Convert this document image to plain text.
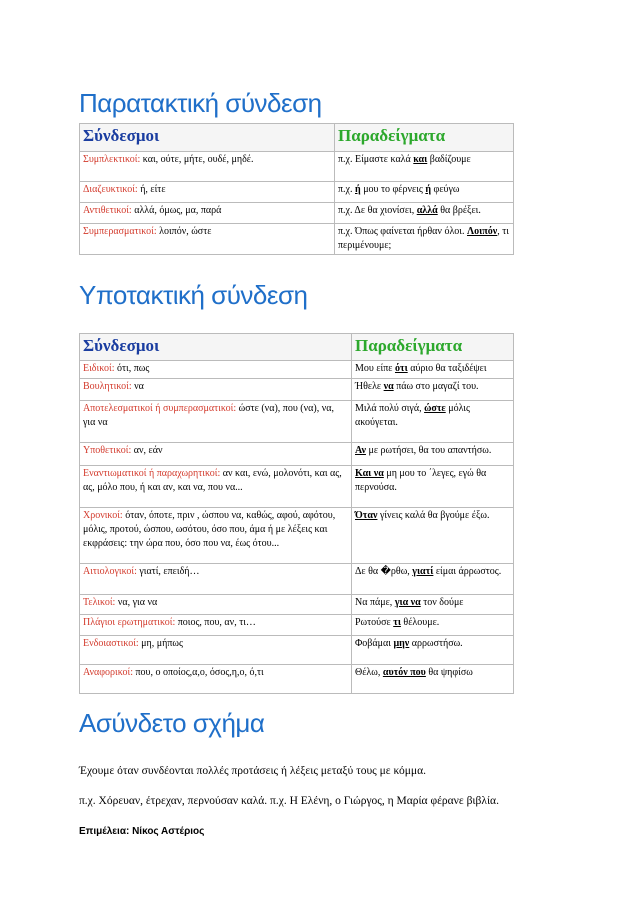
Παρατακτική σύνδεση
Σύνδεσμοι	Παραδείγματα
Συμπλεκτικοί: και, ούτε, μήτε, ουδέ, μηδέ.	π.χ. Είμαστε καλά και βαδίζουμε
Διαζευκτικοί: ή, είτε	π.χ. ή μου το φέρνεις ή φεύγω
Αντιθετικοί: αλλά, όμως, μα, παρά	π.χ. Δε θα χιονίσει, αλλά θα βρέξει.
Συμπερασματικοί: λοιπόν, ώστε	π.χ. Όπως φαίνεται ήρθαν όλοι. Λοιπόν, τι περιμένουμε;
Υποτακτική σύνδεση
Σύνδεσμοι	Παραδείγματα
Ειδικοί: ότι, πως	Μου είπε ότι αύριο θα ταξιδέψει
Βουλητικοί: να	Ήθελε να πάω στο μαγαζί του.
Αποτελεσματικοί ή συμπερασματικοί: ώστε (να), που (να), να, για να	Μιλά πολύ σιγά, ώστε μόλις ακούγεται.
Υποθετικοί: αν, εάν	Αν με ρωτήσει, θα του απαντήσω.
Εναντιωματικοί ή παραχωρητικοί: αν και, ενώ, μολονότι, και ας, ας, μόλο που, ή και αν, και να, που να...	Και να μη μου το ΄λεγες, εγώ θα περνούσα.
Χρονικοί: όταν, όποτε, πριν , ώσπου να, καθώς, αφού, αφότου, μόλις, προτού, ώσπου, ωσότου, όσο που, άμα ή με λέξεις και εκφράσεις: την ώρα που, όσο που να, έως ότου...	Όταν γίνεις καλά θα βγούμε έξω.
Αιτιολογικοί: γιατί, επειδή…	Δε θα �ρθω, γιατί είμαι άρρωστος.
Τελικοί: να, για να	Να πάμε, για να τον δούμε
Πλάγιοι ερωτηματικοί: ποιος, που, αν, τι…	Ρωτούσε τι θέλουμε.
Ενδοιαστικοί: μη, μήπως	Φοβάμαι μην αρρωστήσω.
Αναφορικοί: που, ο οποίος,α,ο, όσος,η,ο, ό,τι	Θέλω, αυτόν που θα ψηφίσω
Ασύνδετο σχήμα
Έχουμε όταν συνδέονται πολλές προτάσεις ή λέξεις μεταξύ τους με κόμμα.
π.χ. Χόρευαν, έτρεχαν, περνούσαν καλά. π.χ. Η Ελένη, ο Γιώργος, η Μαρία φέρανε βιβλία.
Επιμέλεια: Νίκος Αστέριος
